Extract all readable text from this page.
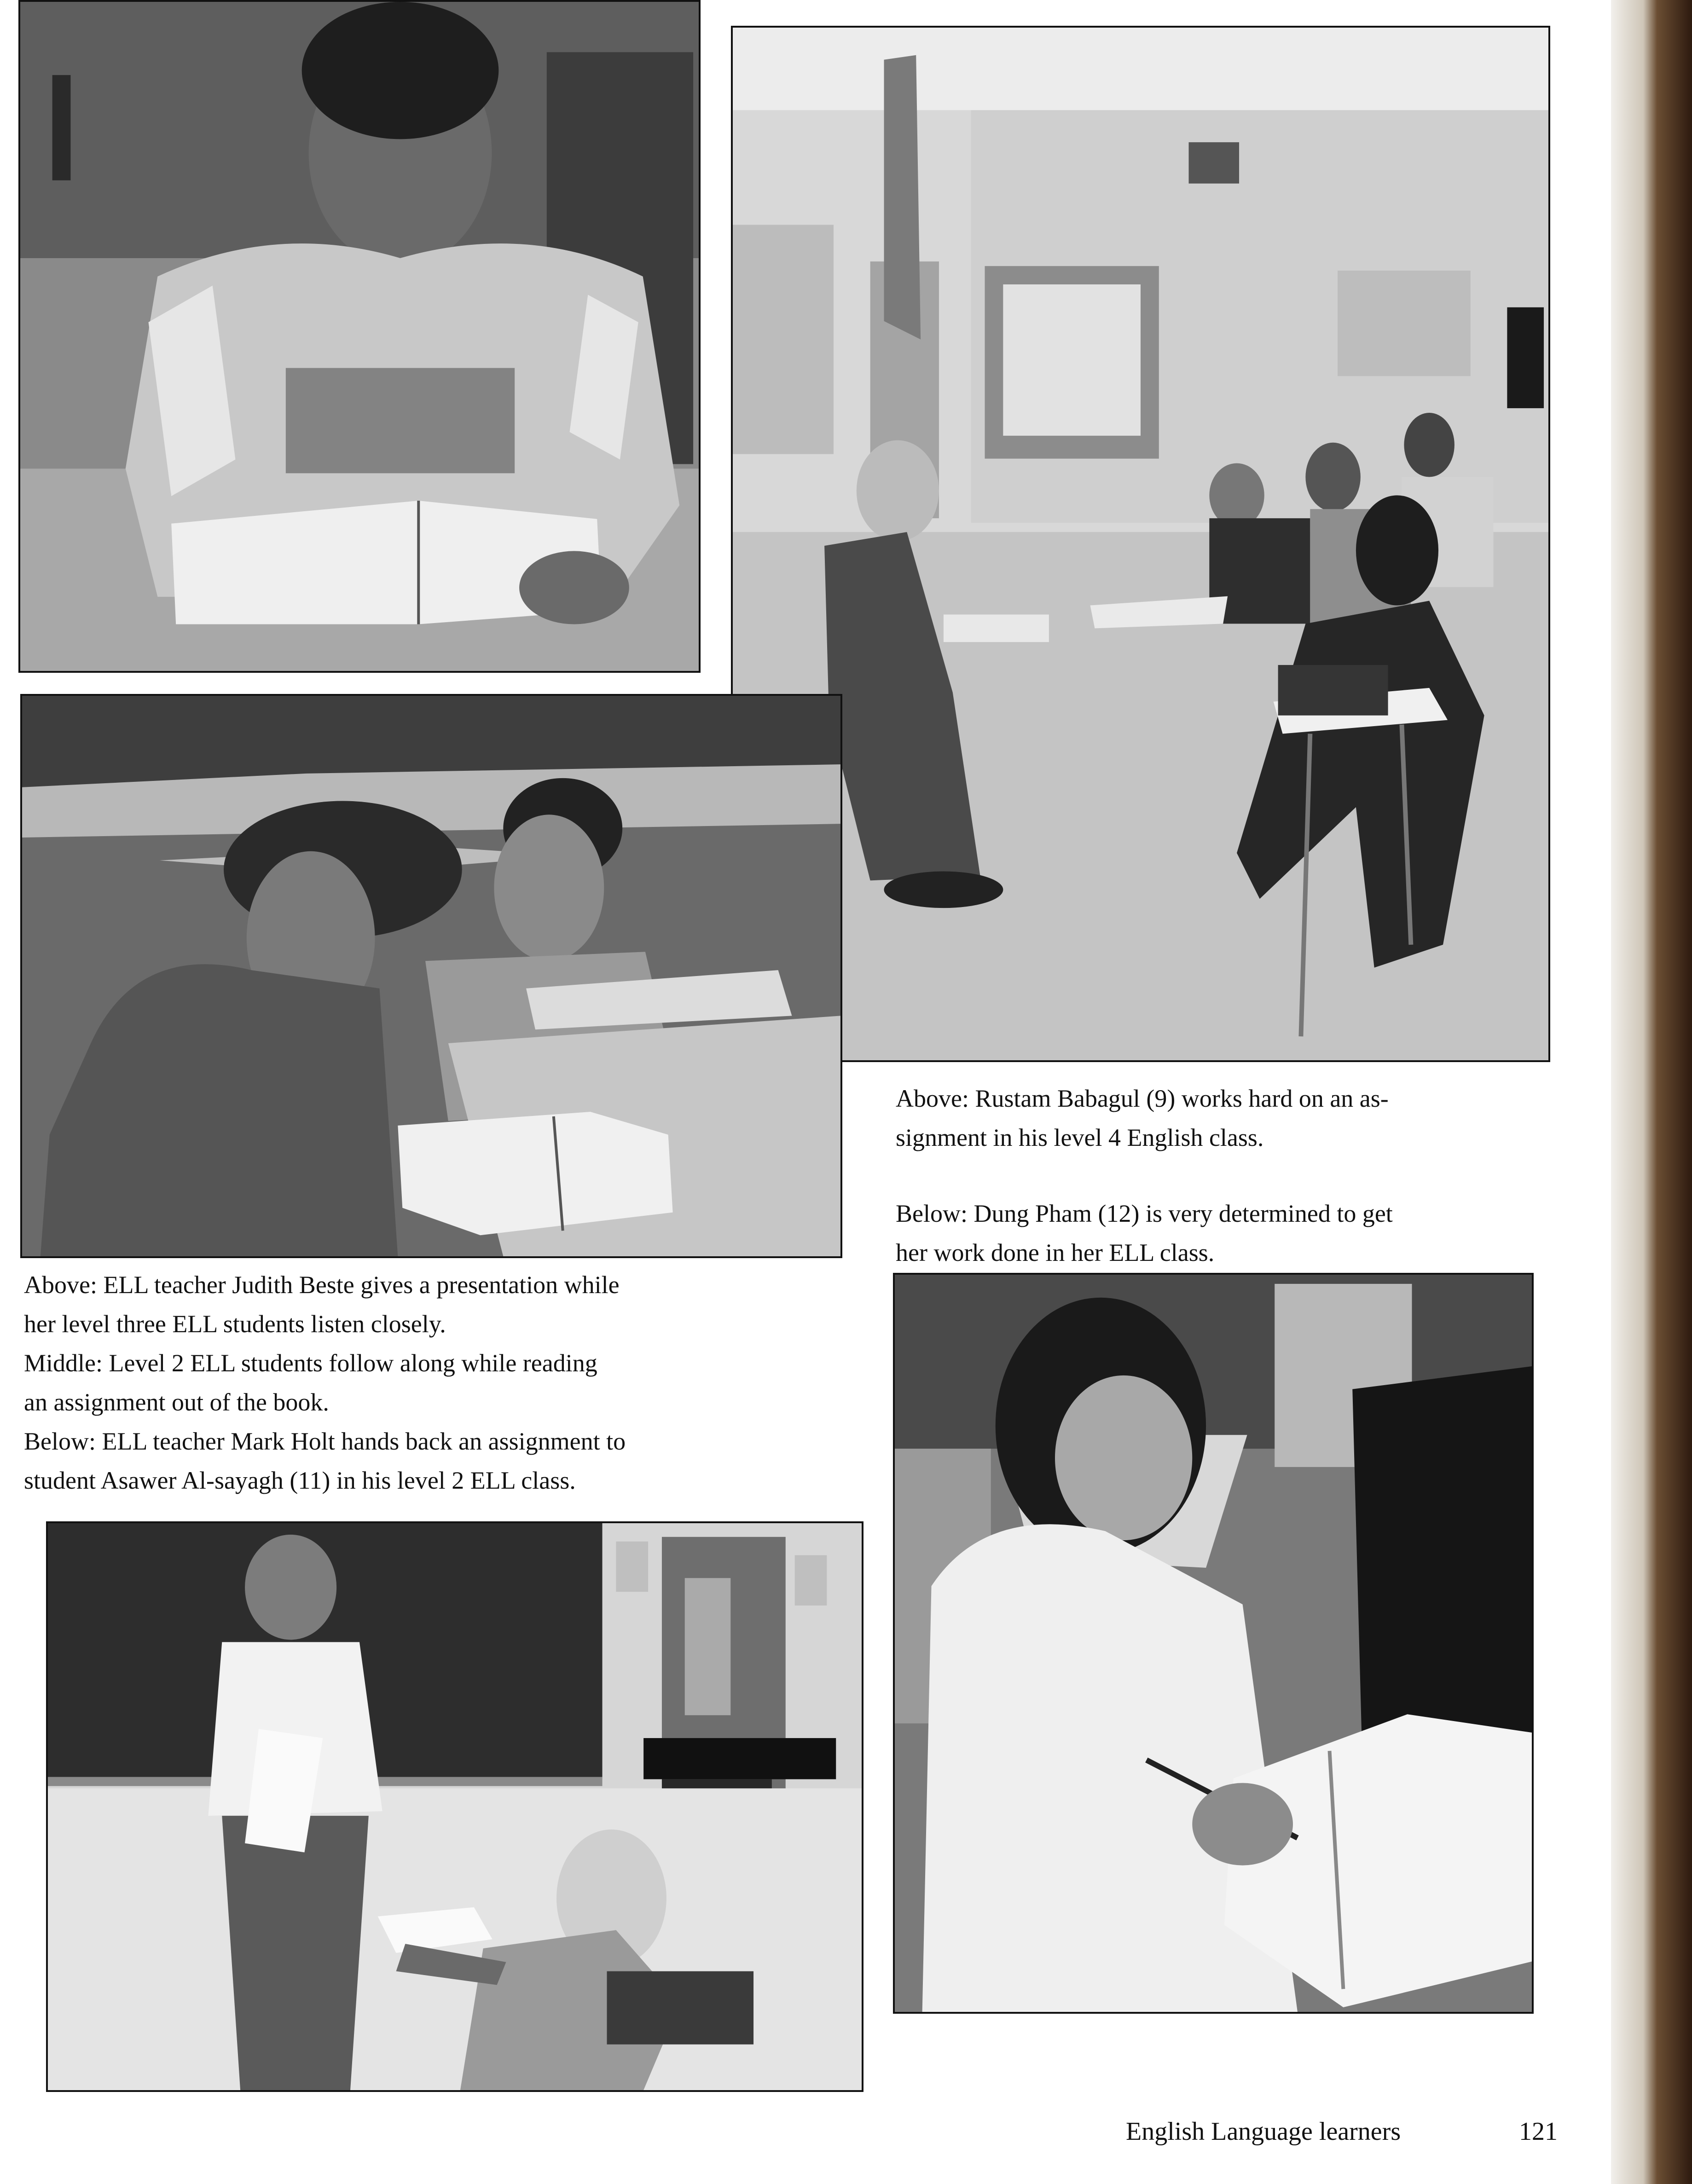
Above: Rustam Babagul (9) works hard on an as-

signment in his level 4 English class.

Below: Dung Pham (12) is very determined to get

her work done in her ELL class.

Above: ELL teacher Judith Beste gives a presentation while

her level three ELL students listen closely.

Middle: Level 2 ELL students follow along while reading

an assignment out of the book.

Below: ELL teacher Mark Holt hands back an assignment to

student Asawer Al-sayagh (11) in his level 2 ELL class.

English Language learners	121
